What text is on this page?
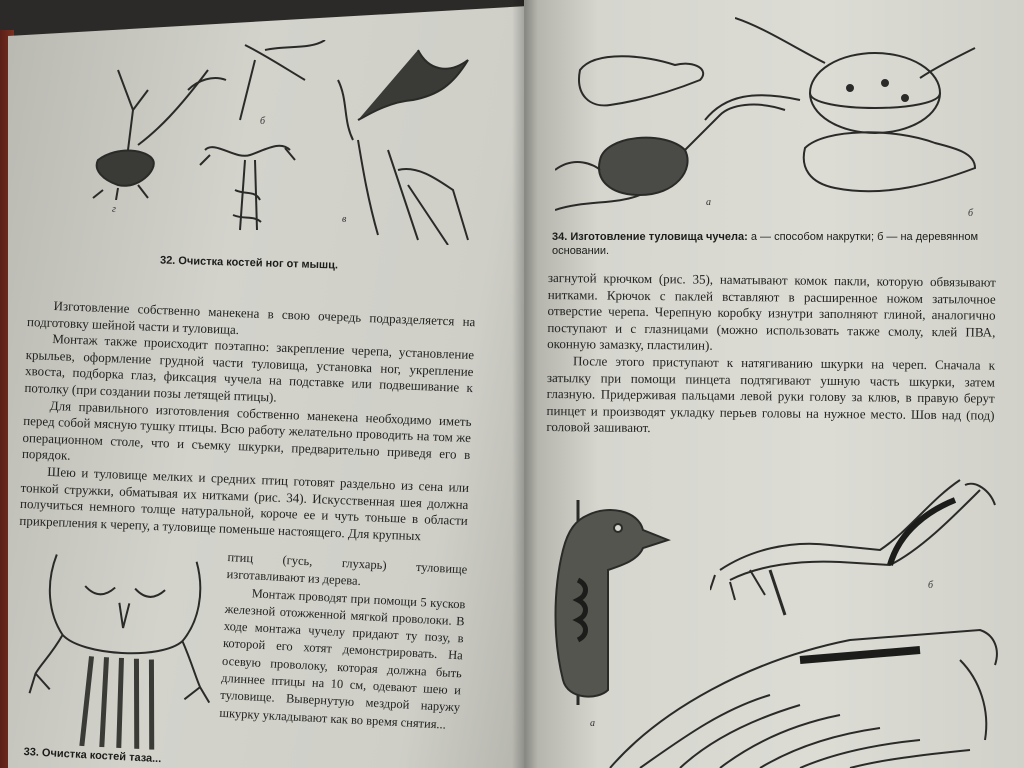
г
б
в
32. Очистка костей ног от мышц.

Изготовление собственно манекена в свою очередь подразделяется на подготовку шейной части и туловища.

Монтаж также происходит поэтапно: закрепление черепа, установление крыльев, оформление грудной части туловища, установка ног, укрепление хвоста, подборка глаз, фиксация чучела на подставке или подвешивание к потолку (при создании позы летящей птицы).

Для правильного изготовления собственно манекена необходимо иметь перед собой мясную тушку птицы. Всю работу желательно проводить на том же операционном столе, что и съемку шкурки, предварительно приведя его в порядок.

Шею и туловище мелких и средних птиц готовят раздельно из сена или тонкой стружки, обматывая их нитками (рис. 34). Искусственная шея должна получиться немного толще натуральной, короче ее и чуть тоньше в области прикрепления к черепу, а туловище поменьше настоящего. Для крупных

птиц (гусь, глухарь) туловище изготавливают из дерева.

Монтаж проводят при помощи 5 кусков железной отожженной мягкой проволоки. В ходе монтажа чучелу придают ту позу, в которой его хотят демонстрировать. На осевую проволоку, которая должна быть длиннее птицы на 10 см, одевают шею и туловище. Вывернутую мездрой наружу шкурку укладывают как во время снятия...

33. Очистка костей таза...
а
б
34. Изготовление туловища чучела: а — способом накрутки; б — на деревянном основании.

загнутой крючком (рис. 35), наматывают комок пакли, которую обвязывают нитками. Крючок с паклей вставляют в расширенное ножом затылочное отверстие черепа. Черепную коробку изнутри заполняют глиной, аналогично поступают и с глазницами (можно использовать также смолу, клей ПВА, оконную замазку, пластилин).

После этого приступают к натягиванию шкурки на череп. Сначала к затылку при помощи пинцета подтягивают ушную часть шкурки, затем глазную. Придерживая пальцами левой руки голову за клюв, в правую берут пинцет и производят укладку перьев головы на нужное место. Шов над (под) головой зашивают.

а
б
